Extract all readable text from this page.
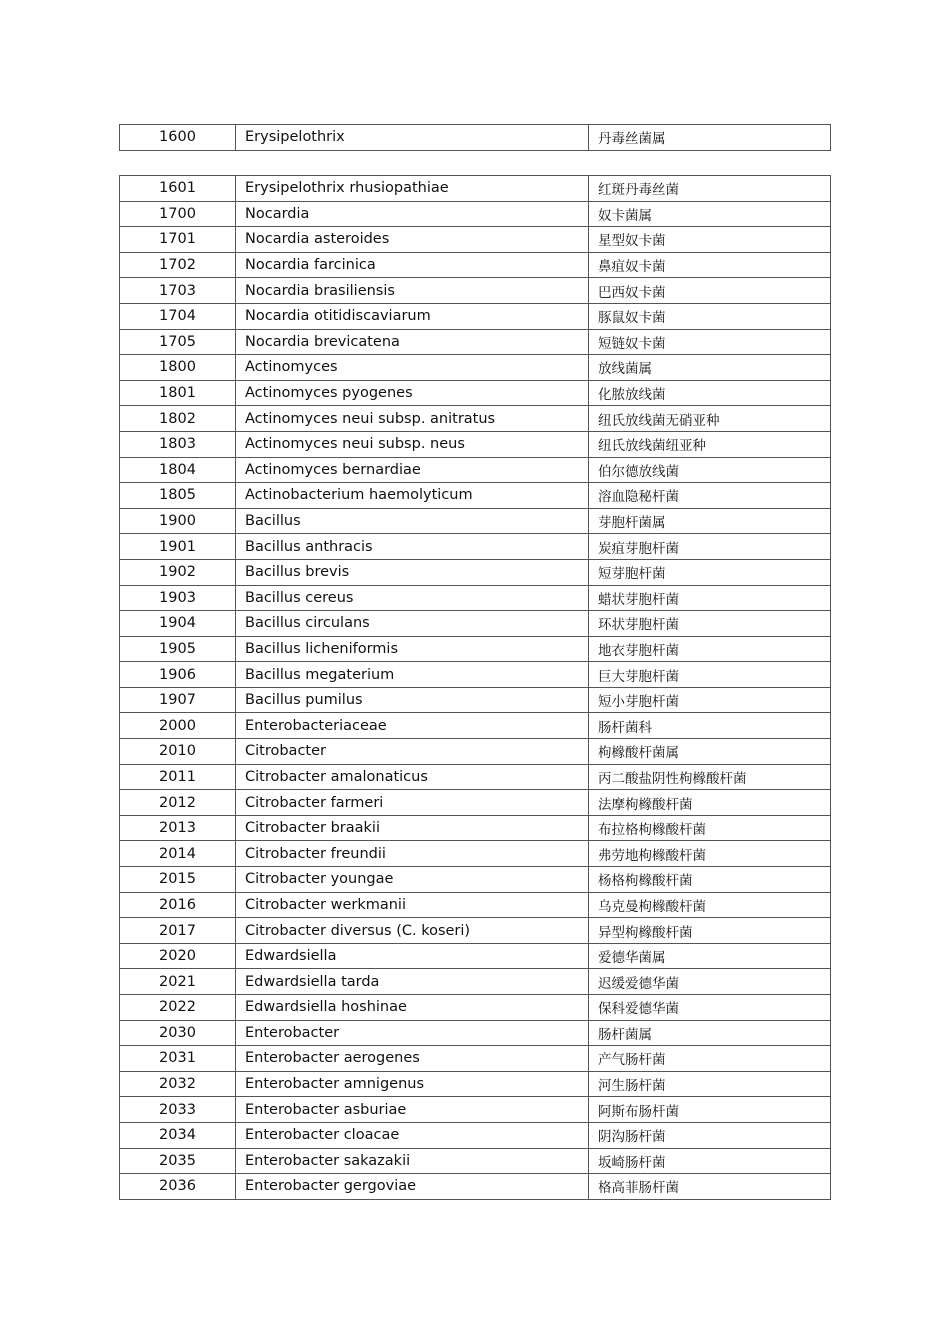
1600	Erysipelothrix	丹毒丝菌属
1601	Erysipelothrix rhusiopathiae	红斑丹毒丝菌
1700	Nocardia	奴卡菌属
1701	Nocardia asteroides	星型奴卡菌
1702	Nocardia farcinica	鼻疽奴卡菌
1703	Nocardia brasiliensis	巴西奴卡菌
1704	Nocardia otitidiscaviarum	豚鼠奴卡菌
1705	Nocardia brevicatena	短链奴卡菌
1800	Actinomyces	放线菌属
1801	Actinomyces pyogenes	化脓放线菌
1802	Actinomyces neui subsp. anitratus	纽氏放线菌无硝亚种
1803	Actinomyces neui subsp. neus	纽氏放线菌纽亚种
1804	Actinomyces bernardiae	伯尔德放线菌
1805	Actinobacterium haemolyticum	溶血隐秘杆菌
1900	Bacillus	芽胞杆菌属
1901	Bacillus anthracis	炭疽芽胞杆菌
1902	Bacillus brevis	短芽胞杆菌
1903	Bacillus cereus	蜡状芽胞杆菌
1904	Bacillus circulans	环状芽胞杆菌
1905	Bacillus licheniformis	地衣芽胞杆菌
1906	Bacillus megaterium	巨大芽胞杆菌
1907	Bacillus pumilus	短小芽胞杆菌
2000	Enterobacteriaceae	肠杆菌科
2010	Citrobacter	枸橼酸杆菌属
2011	Citrobacter amalonaticus	丙二酸盐阴性枸橼酸杆菌
2012	Citrobacter farmeri	法摩枸橼酸杆菌
2013	Citrobacter braakii	布拉格枸橼酸杆菌
2014	Citrobacter freundii	弗劳地枸橼酸杆菌
2015	Citrobacter youngae	杨格枸橼酸杆菌
2016	Citrobacter werkmanii	乌克曼枸橼酸杆菌
2017	Citrobacter diversus (C. koseri)	异型枸橼酸杆菌
2020	Edwardsiella	爱德华菌属
2021	Edwardsiella tarda	迟缓爱德华菌
2022	Edwardsiella hoshinae	保科爱德华菌
2030	Enterobacter	肠杆菌属
2031	Enterobacter aerogenes	产气肠杆菌
2032	Enterobacter amnigenus	河生肠杆菌
2033	Enterobacter asburiae	阿斯布肠杆菌
2034	Enterobacter cloacae	阴沟肠杆菌
2035	Enterobacter sakazakii	坂崎肠杆菌
2036	Enterobacter gergoviae	格高菲肠杆菌
